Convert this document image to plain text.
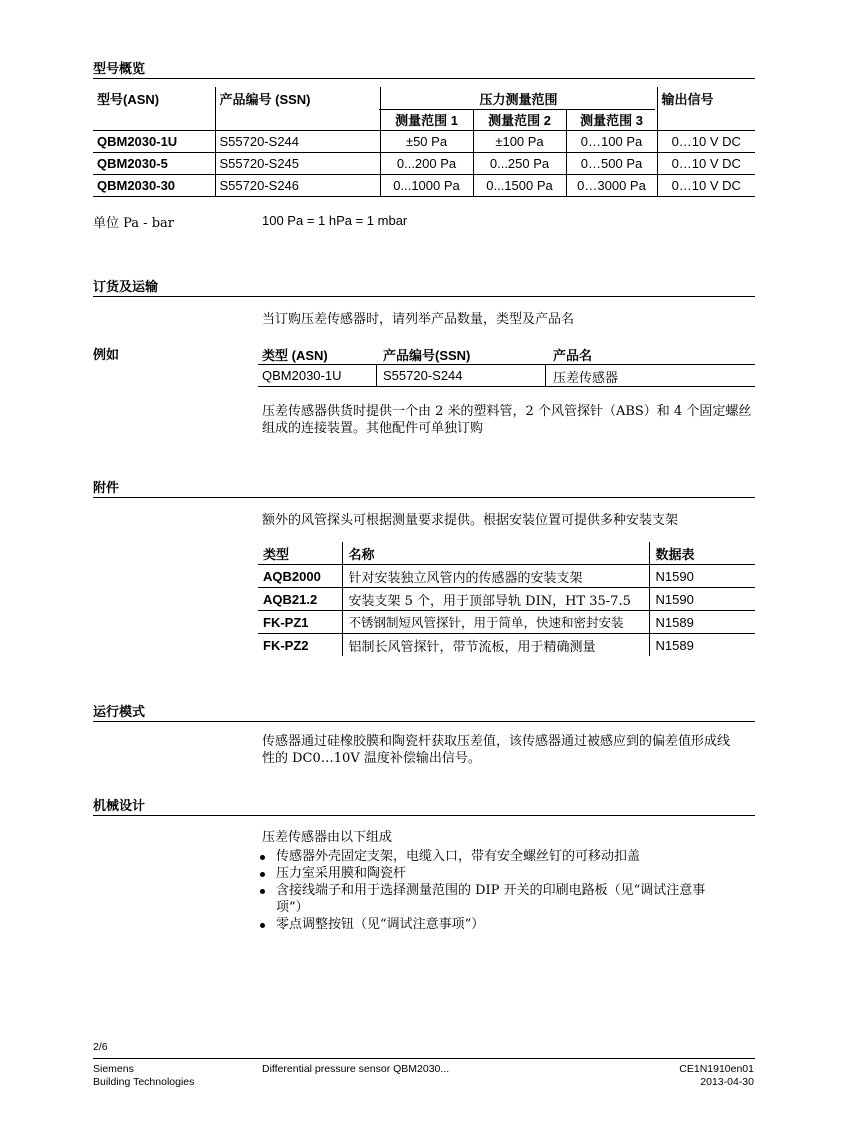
型号概览
型号(ASN)	产品编号 (SSN)	压力测量范围			输出信号
		测量范围 1	测量范围 2	测量范围 3	
QBM2030-1U	S55720-S244	±50 Pa	±100 Pa	0…100 Pa	0…10 V DC
QBM2030-5	S55720-S245	0...200 Pa	0...250 Pa	0…500 Pa	0…10 V DC
QBM2030-30	S55720-S246	0...1000 Pa	0...1500 Pa	0…3000 Pa	0…10 V DC
单位 Pa - bar	100 Pa = 1 hPa = 1 mbar
订货及运输
当订购压差传感器时，请列举产品数量，类型及产品名
例如	类型 (ASN)	产品编号(SSN)	产品名
QBM2030-1U	S55720-S244	压差传感器
压差传感器供货时提供一个由 2 米的塑料管，2 个风管探针（ABS）和 4 个固定螺丝
组成的连接装置。其他配件可单独订购
附件
额外的风管探头可根据测量要求提供。根据安装位置可提供多种安装支架
类型	名称	数据表
AQB2000	针对安装独立风管内的传感器的安装支架	N1590
AQB21.2	安装支架 5 个，用于顶部导轨 DIN，HT 35-7.5	N1590
FK-PZ1	不锈钢制短风管探针，用于简单，快速和密封安装	N1589
FK-PZ2	铝制长风管探针，带节流板，用于精确测量	N1589
运行模式
传感器通过硅橡胶膜和陶瓷杆获取压差值，该传感器通过被感应到的偏差值形成线
性的 DC0…10V 温度补偿输出信号。
机械设计
压差传感器由以下组成
传感器外壳固定支架，电缆入口，带有安全螺丝钉的可移动扣盖
压力室采用膜和陶瓷杆
含接线端子和用于选择测量范围的 DIP 开关的印刷电路板（见“调试注意事
项”）
零点调整按钮（见“调试注意事项”）
2/6
Siemens
Building Technologies
Differential pressure sensor QBM2030...	CE1N1910en01
2013-04-30
